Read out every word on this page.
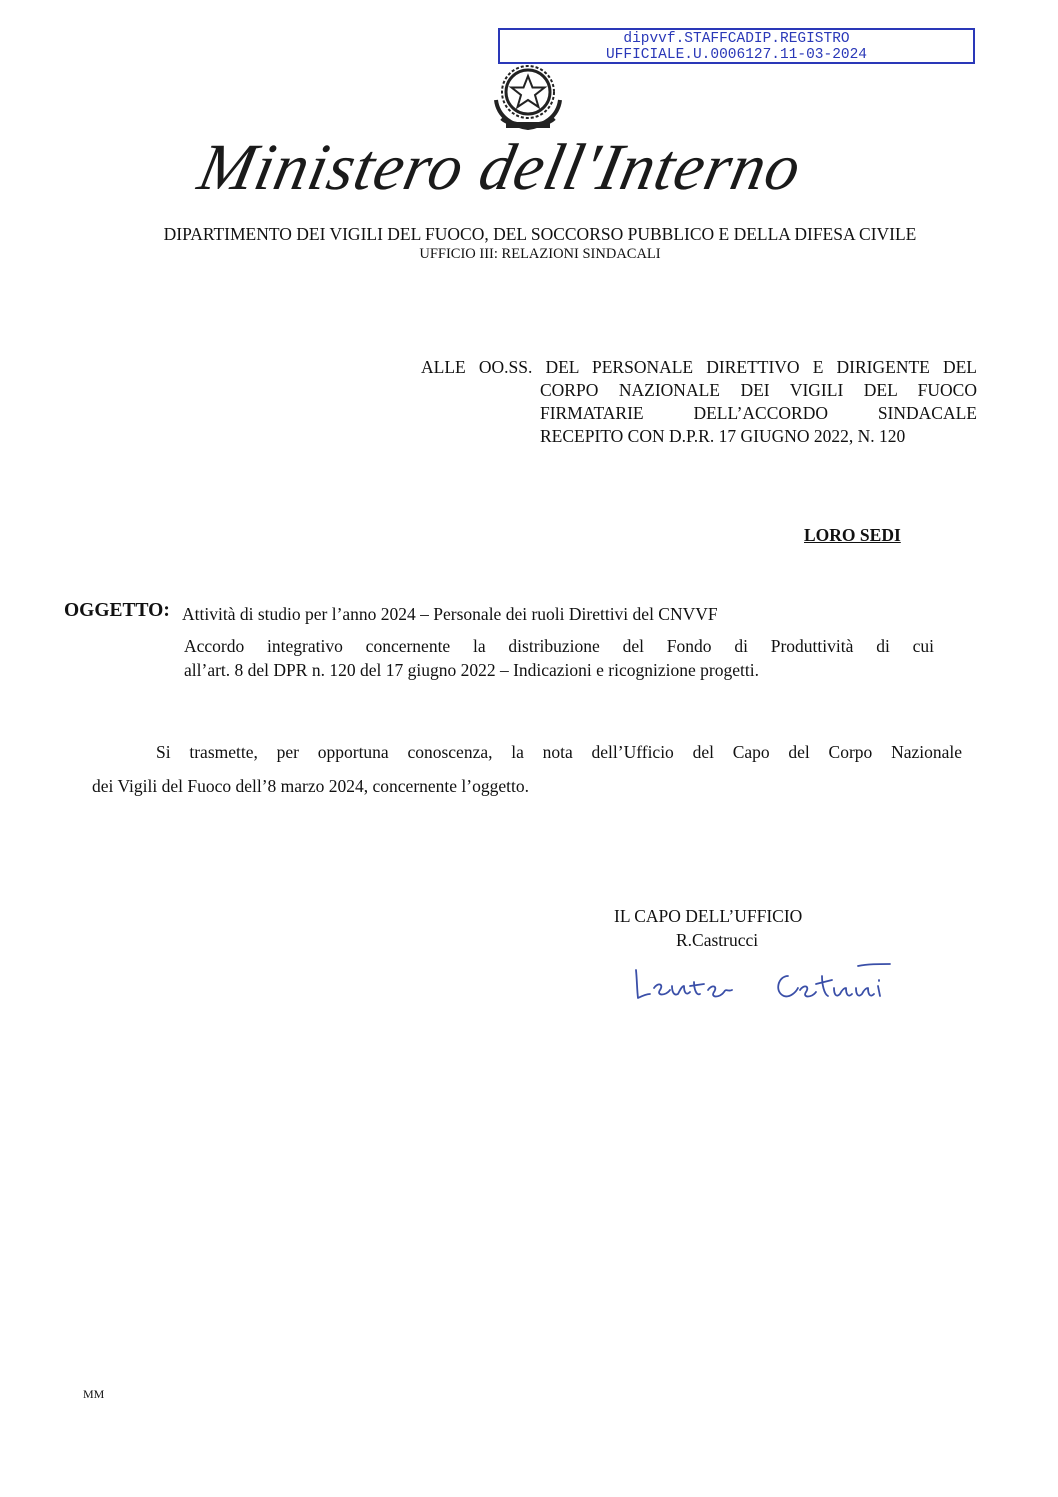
dipvvf.STAFFCADIP.REGISTRO
UFFICIALE.U.0006127.11-03-2024
Ministero dell'Interno
DIPARTIMENTO DEI VIGILI DEL FUOCO, DEL SOCCORSO PUBBLICO E DELLA DIFESA CIVILE
UFFICIO III: RELAZIONI SINDACALI
ALLE OO.SS. DEL PERSONALE DIRETTIVO E DIRIGENTE DEL
CORPO NAZIONALE DEI VIGILI DEL FUOCO
FIRMATARIE DELL’ACCORDO SINDACALE
RECEPITO CON D.P.R. 17 GIUGNO 2022, N. 120
LORO SEDI
OGGETTO: Attività di studio per l’anno 2024 – Personale dei ruoli Direttivi del CNVVF
Accordo integrativo concernente la distribuzione del Fondo di Produttività di cui
all’art. 8 del DPR n. 120 del 17 giugno 2022 – Indicazioni e ricognizione progetti.
Si trasmette, per opportuna conoscenza, la nota dell’Ufficio del Capo del Corpo Nazionale
dei Vigili del Fuoco dell’8 marzo 2024, concernente l’oggetto.
IL CAPO DELL’UFFICIO
R.Castrucci
MM
